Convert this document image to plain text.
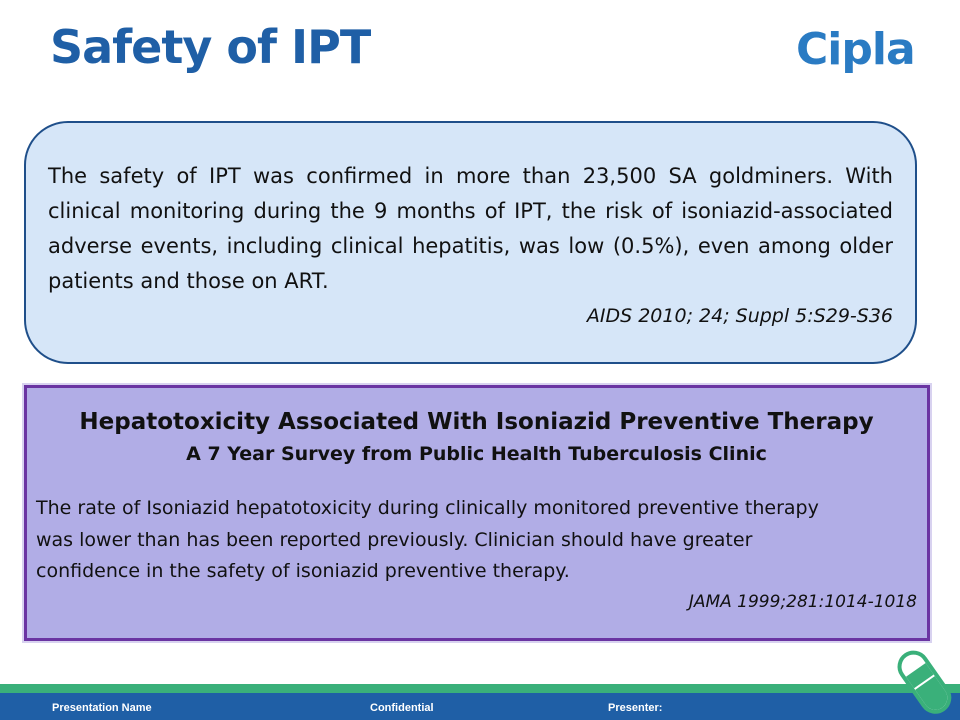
Safety of IPT	Cipla
The safety of IPT was confirmed in more than 23,500 SA goldminers. With clinical monitoring during the 9 months of IPT, the risk of isoniazid-associated adverse events, including clinical hepatitis, was low (0.5%), even among older patients and those on ART.
AIDS 2010; 24; Suppl 5:S29-S36
Hepatotoxicity Associated With Isoniazid Preventive Therapy
A 7 Year Survey from Public Health Tuberculosis Clinic
The rate of Isoniazid hepatotoxicity during clinically monitored preventive therapy was lower than has been reported previously. Clinician should have greater confidence in the safety of isoniazid preventive therapy.
JAMA 1999;281:1014-1018
Presentation Name	Confidential	Presenter:
